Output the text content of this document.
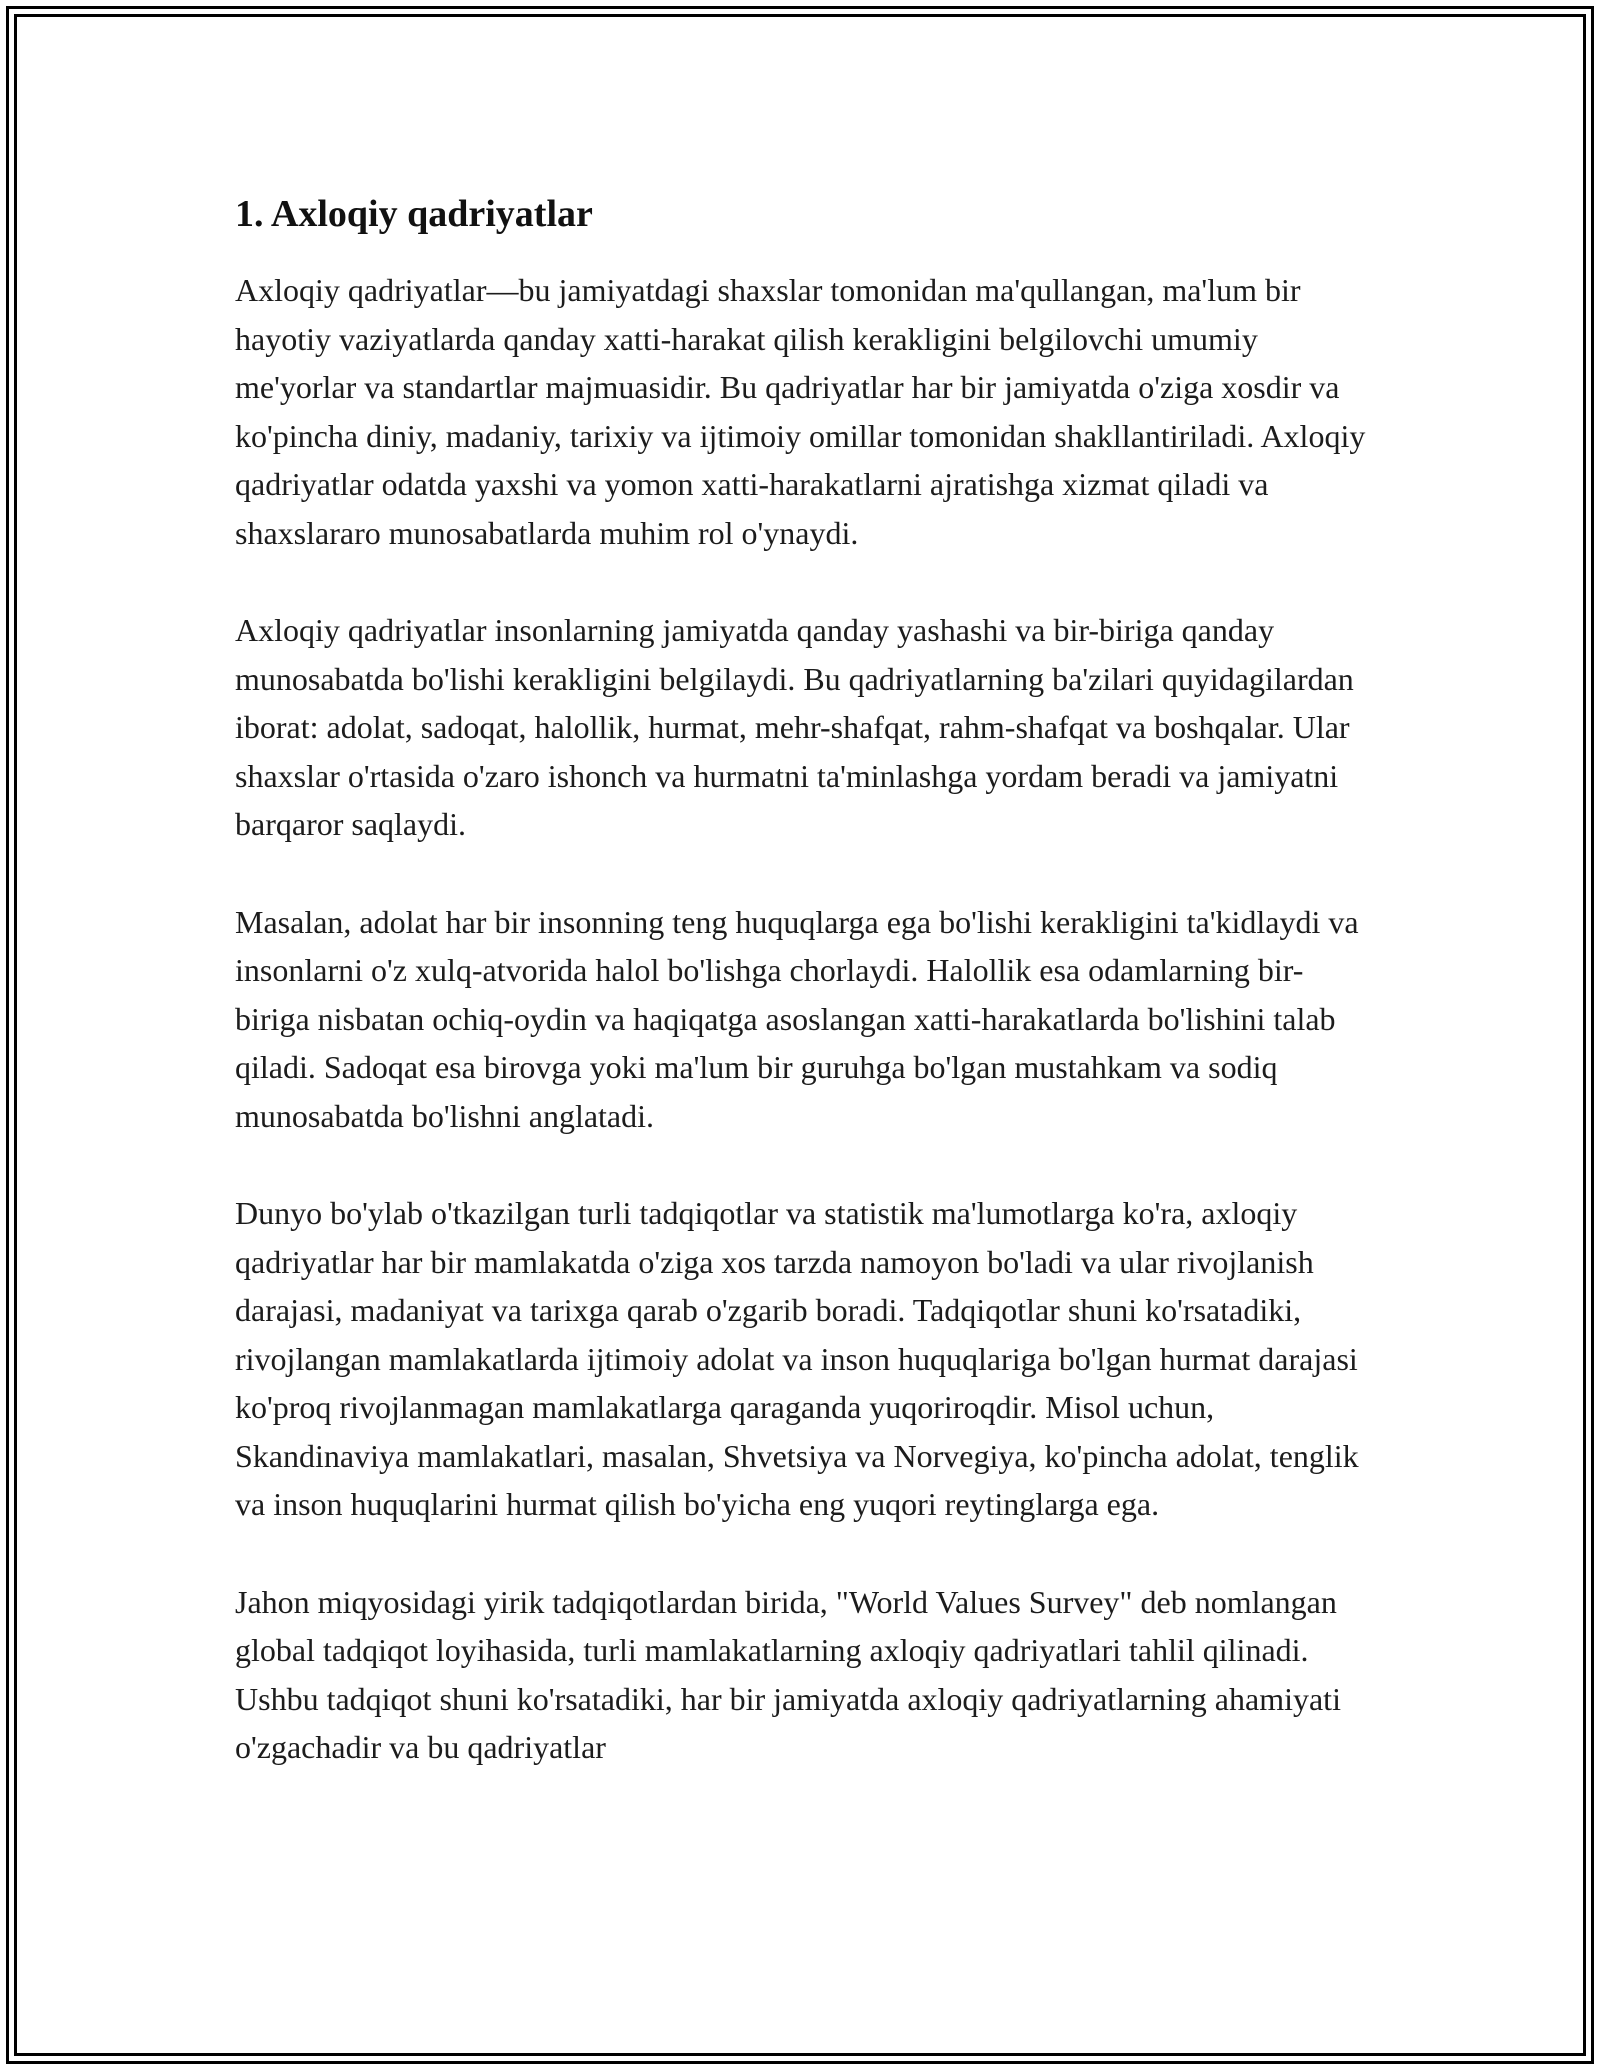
1. Axloqiy qadriyatlar

Axloqiy qadriyatlar—bu jamiyatdagi shaxslar tomonidan ma'qullangan, ma'lum bir hayotiy vaziyatlarda qanday xatti-harakat qilish kerakligini belgilovchi umumiy me'yorlar va standartlar majmuasidir. Bu qadriyatlar har bir jamiyatda o'ziga xosdir va ko'pincha diniy, madaniy, tarixiy va ijtimoiy omillar tomonidan shakllantiriladi. Axloqiy qadriyatlar odatda yaxshi va yomon xatti-harakatlarni ajratishga xizmat qiladi va shaxslararo munosabatlarda muhim rol o'ynaydi.

Axloqiy qadriyatlar insonlarning jamiyatda qanday yashashi va bir-biriga qanday munosabatda bo'lishi kerakligini belgilaydi. Bu qadriyatlarning ba'zilari quyidagilardan iborat: adolat, sadoqat, halollik, hurmat, mehr-shafqat, rahm-shafqat va boshqalar. Ular shaxslar o'rtasida o'zaro ishonch va hurmatni ta'minlashga yordam beradi va jamiyatni barqaror saqlaydi.

Masalan, adolat har bir insonning teng huquqlarga ega bo'lishi kerakligini ta'kidlaydi va insonlarni o'z xulq-atvorida halol bo'lishga chorlaydi. Halollik esa odamlarning bir-biriga nisbatan ochiq-oydin va haqiqatga asoslangan xatti-harakatlarda bo'lishini talab qiladi. Sadoqat esa birovga yoki ma'lum bir guruhga bo'lgan mustahkam va sodiq munosabatda bo'lishni anglatadi.

Dunyo bo'ylab o'tkazilgan turli tadqiqotlar va statistik ma'lumotlarga ko'ra, axloqiy qadriyatlar har bir mamlakatda o'ziga xos tarzda namoyon bo'ladi va ular rivojlanish darajasi, madaniyat va tarixga qarab o'zgarib boradi. Tadqiqotlar shuni ko'rsatadiki, rivojlangan mamlakatlarda ijtimoiy adolat va inson huquqlariga bo'lgan hurmat darajasi ko'proq rivojlanmagan mamlakatlarga qaraganda yuqoriroqdir. Misol uchun, Skandinaviya mamlakatlari, masalan, Shvetsiya va Norvegiya, ko'pincha adolat, tenglik va inson huquqlarini hurmat qilish bo'yicha eng yuqori reytinglarga ega.

Jahon miqyosidagi yirik tadqiqotlardan birida, "World Values Survey" deb nomlangan global tadqiqot loyihasida, turli mamlakatlarning axloqiy qadriyatlari tahlil qilinadi. Ushbu tadqiqot shuni ko'rsatadiki, har bir jamiyatda axloqiy qadriyatlarning ahamiyati o'zgachadir va bu qadriyatlar
